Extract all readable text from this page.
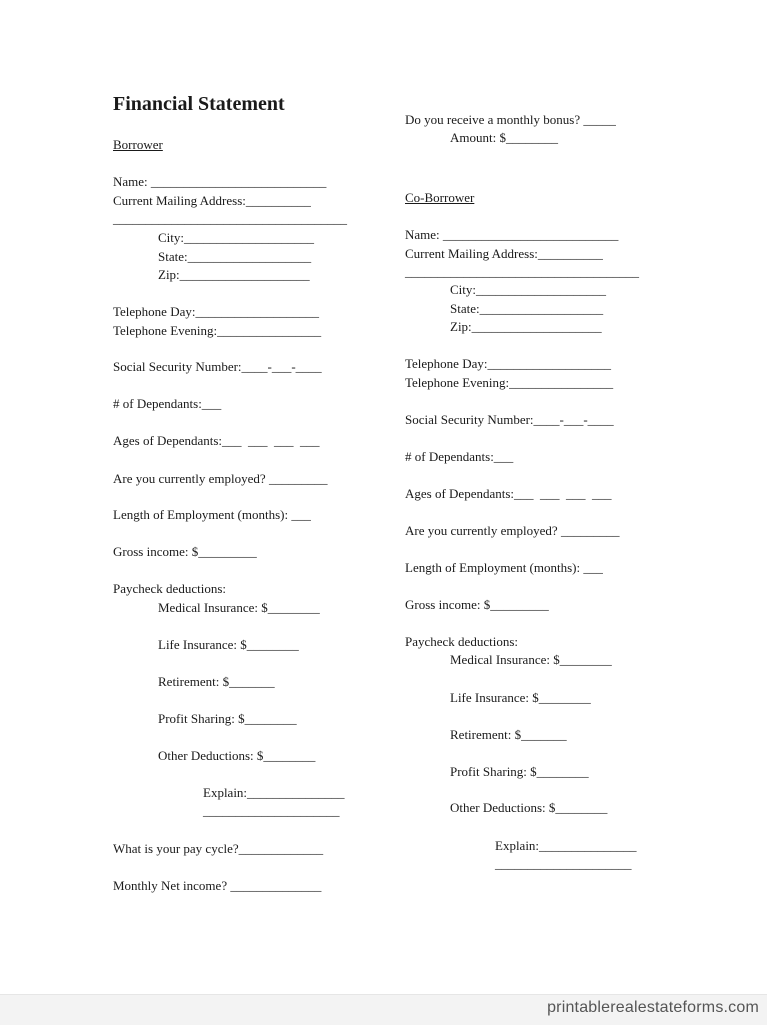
Financial Statement
Borrower
Name: ___________________________
Current Mailing Address:__________
____________________________________
City:____________________
State:___________________
Zip:____________________
Telephone Day:___________________
Telephone Evening:________________
Social Security Number:____-___-____
# of Dependants:___
Ages of Dependants:___  ___  ___  ___
Are you currently employed? _________
Length of Employment (months): ___
Gross income: $_________
Paycheck deductions:
Medical Insurance: $________
Life Insurance: $________
Retirement: $_______
Profit Sharing: $________
Other Deductions: $________
Explain:_______________
_____________________
What is your pay cycle?_____________
Monthly Net income? ______________
Do you receive a monthly bonus? _____
Amount: $________
Co-Borrower
Name: ___________________________
Current Mailing Address:__________
____________________________________
City:____________________
State:___________________
Zip:____________________
Telephone Day:___________________
Telephone Evening:________________
Social Security Number:____-___-____
# of Dependants:___
Ages of Dependants:___  ___  ___  ___
Are you currently employed? _________
Length of Employment (months): ___
Gross income: $_________
Paycheck deductions:
Medical Insurance: $________
Life Insurance: $________
Retirement: $_______
Profit Sharing: $________
Other Deductions: $________
Explain:_______________
_____________________
printablerealestateforms.com
